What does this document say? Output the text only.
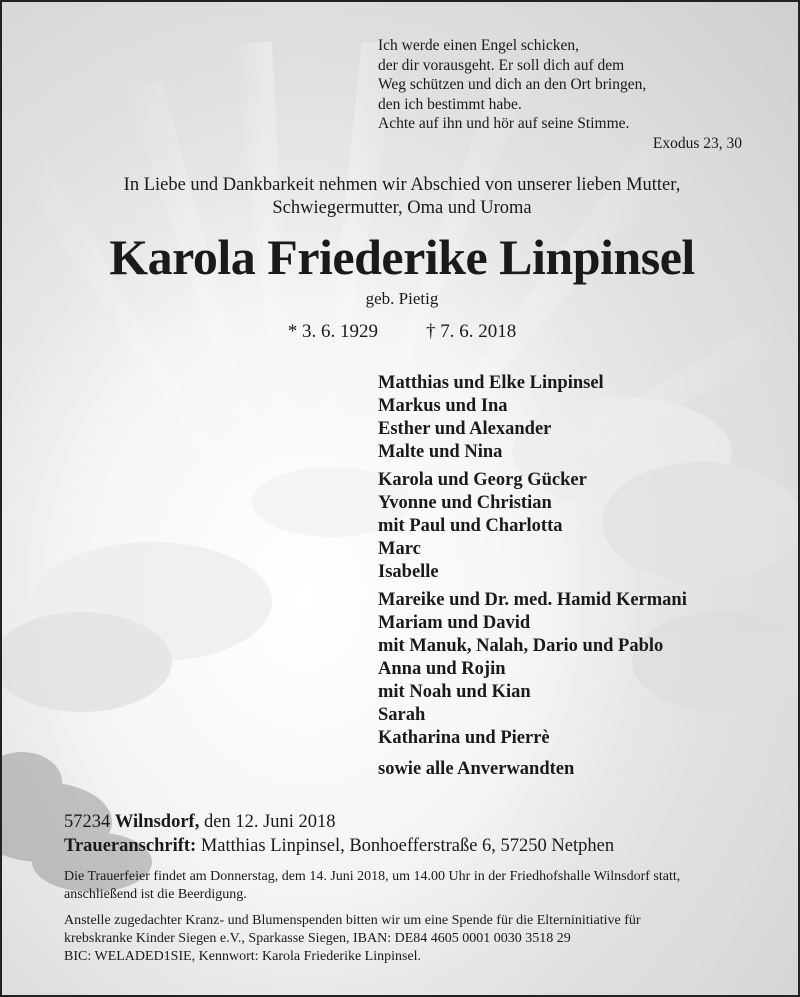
Ich werde einen Engel schicken,
der dir vorausgeht. Er soll dich auf dem
Weg schützen und dich an den Ort bringen,
den ich bestimmt habe.
Achte auf ihn und hör auf seine Stimme.
Exodus 23, 30
In Liebe und Dankbarkeit nehmen wir Abschied von unserer lieben Mutter,
Schwiegermutter, Oma und Uroma
Karola Friederike Linpinsel
geb. Pietig
* 3. 6. 1929	† 7. 6. 2018
Matthias und Elke Linpinsel
Markus und Ina
Esther und Alexander
Malte und Nina
Karola und Georg Gücker
Yvonne und Christian
mit Paul und Charlotta
Marc
Isabelle
Mareike und Dr. med. Hamid Kermani
Mariam und David
mit Manuk, Nalah, Dario und Pablo
Anna und Rojin
mit Noah und Kian
Sarah
Katharina und Pierrè
sowie alle Anverwandten
57234 Wilnsdorf, den 12. Juni 2018
Traueranschrift: Matthias Linpinsel, Bonhoefferstraße 6, 57250 Netphen
Die Trauerfeier findet am Donnerstag, dem 14. Juni 2018, um 14.00 Uhr in der Friedhofshalle Wilnsdorf statt, anschließend ist die Beerdigung.
Anstelle zugedachter Kranz- und Blumenspenden bitten wir um eine Spende für die Elterninitiative für
krebskranke Kinder Siegen e.V., Sparkasse Siegen, IBAN: DE84 4605 0001 0030 3518 29
BIC: WELADED1SIE, Kennwort: Karola Friederike Linpinsel.
